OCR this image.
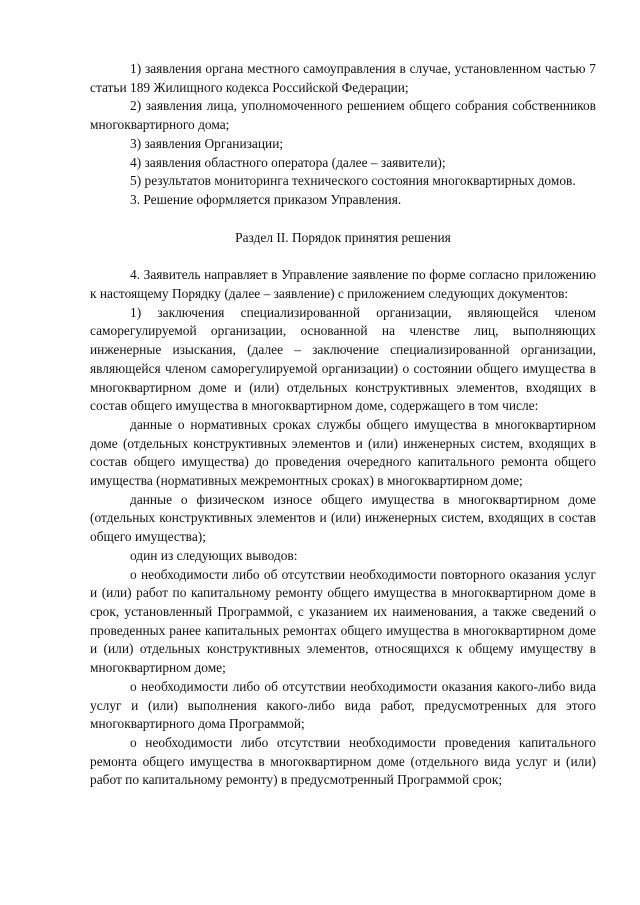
1) заявления органа местного самоуправления в случае, установленном частью 7 статьи 189 Жилищного кодекса Российской Федерации;

2) заявления лица, уполномоченного решением общего собрания собственников многоквартирного дома;

3) заявления Организации;

4) заявления областного оператора (далее – заявители);

5) результатов мониторинга технического состояния многоквартирных домов.

3. Решение оформляется приказом Управления.

Раздел II. Порядок принятия решения

4. Заявитель направляет в Управление заявление по форме согласно приложению к настоящему Порядку (далее – заявление) с приложением следующих документов:

1) заключения специализированной организации, являющейся членом саморегулируемой организации, основанной на членстве лиц, выполняющих инженерные изыскания, (далее – заключение специализированной организации, являющейся членом саморегулируемой организации) о состоянии общего имущества в многоквартирном доме и (или) отдельных конструктивных элементов, входящих в состав общего имущества в многоквартирном доме, содержащего в том числе:

данные о нормативных сроках службы общего имущества в многоквартирном доме (отдельных конструктивных элементов и (или) инженерных систем, входящих в состав общего имущества) до проведения очередного капитального ремонта общего имущества (нормативных межремонтных сроках) в многоквартирном доме;

данные о физическом износе общего имущества в многоквартирном доме (отдельных конструктивных элементов и (или) инженерных систем, входящих в состав общего имущества);

один из следующих выводов:

о необходимости либо об отсутствии необходимости повторного оказания услуг и (или) работ по капитальному ремонту общего имущества в многоквартирном доме в срок, установленный Программой, с указанием их наименования, а также сведений о проведенных ранее капитальных ремонтах общего имущества в многоквартирном доме и (или) отдельных конструктивных элементов, относящихся к общему имуществу в многоквартирном доме;

о необходимости либо об отсутствии необходимости оказания какого-либо вида услуг и (или) выполнения какого-либо вида работ, предусмотренных для этого многоквартирного дома Программой;

о необходимости либо отсутствии необходимости проведения капитального ремонта общего имущества в многоквартирном доме (отдельного вида услуг и (или) работ по капитальному ремонту) в предусмотренный Программой срок;
